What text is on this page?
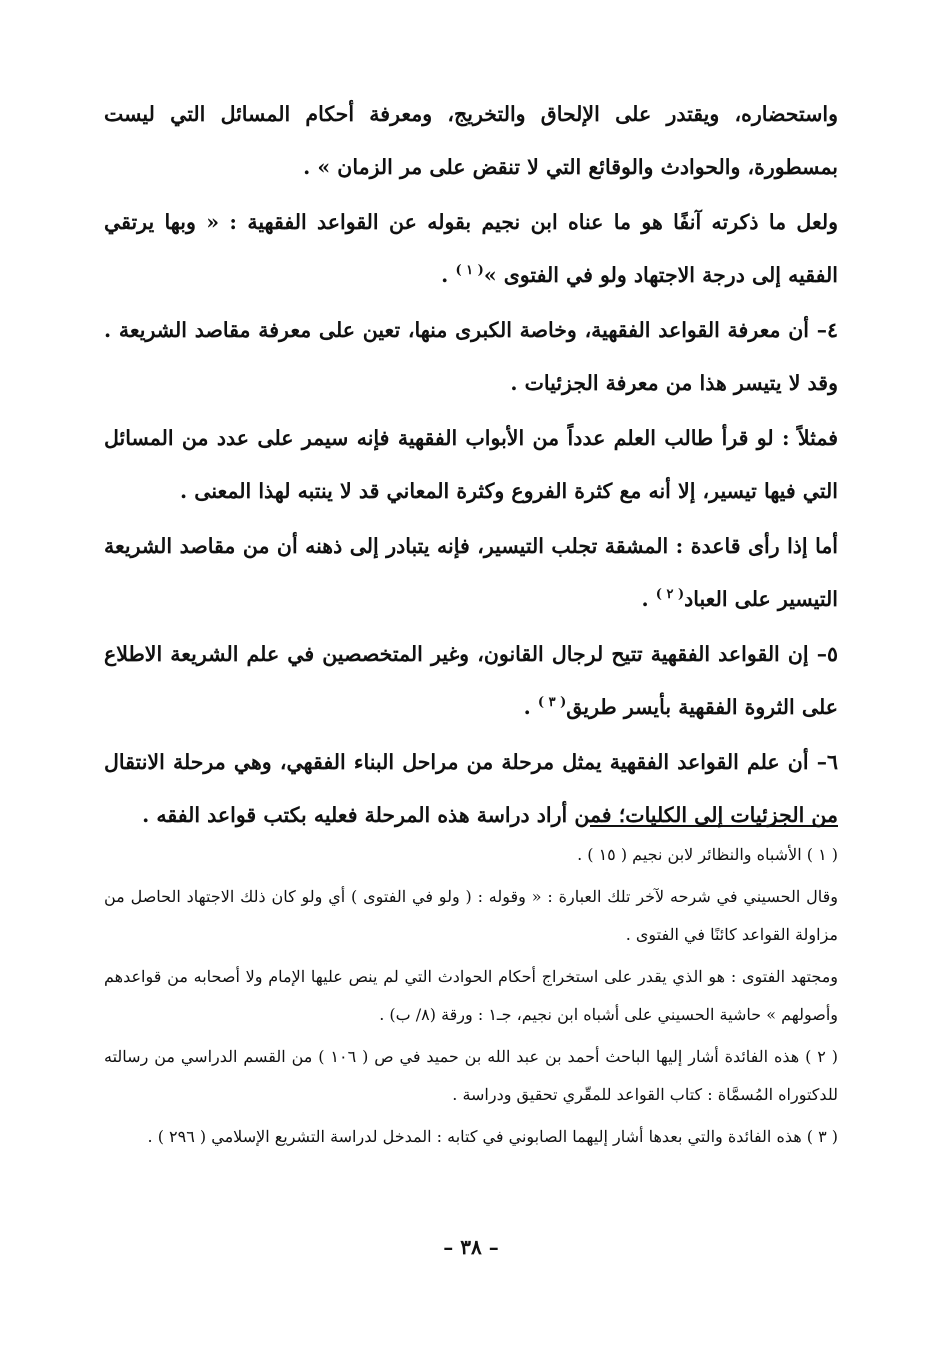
واستحضاره، ويقتدر على الإلحاق والتخريج، ومعرفة أحكام المسائل التي ليست بمسطورة، والحوادث والوقائع التي لا تنقض على مر الزمان » .

ولعل ما ذكرته آنفًا هو ما عناه ابن نجيم بقوله عن القواعد الفقهية : « وبها يرتقي الفقيه إلى درجة الاجتهاد ولو في الفتوى »$^{( ١ )}$ .

٤– أن معرفة القواعد الفقهية، وخاصة الكبرى منها، تعين على معرفة مقاصد الشريعة . وقد لا يتيسر هذا من معرفة الجزئيات .

فمثلاً : لو قرأ طالب العلم عدداً من الأبواب الفقهية فإنه سيمر على عدد من المسائل التي فيها تيسير، إلا أنه مع كثرة الفروع وكثرة المعاني قد لا ينتبه لهذا المعنى .

أما إذا رأى قاعدة : المشقة تجلب التيسير، فإنه يتبادر إلى ذهنه أن من مقاصد الشريعة التيسير على العباد$^{( ٢ )}$ .

٥– إن القواعد الفقهية تتيح لرجال القانون، وغير المتخصصين في علم الشريعة الاطلاع على الثروة الفقهية بأيسر طريق$^{( ٣ )}$ .

٦– أن علم القواعد الفقهية يمثل مرحلة من مراحل البناء الفقهي، وهي مرحلة الانتقال من الجزئيات إلى الكليات؛ فمن أراد دراسة هذه المرحلة فعليه بكتب قواعد الفقه .

( ١ ) الأشباه والنظائر لابن نجيم ( ١٥ ) .

وقال الحسيني في شرحه لآخر تلك العبارة : « وقوله : ( ولو في الفتوى ) أي ولو كان ذلك الاجتهاد الحاصل من مزاولة القواعد كائنًا في الفتوى .

ومجتهد الفتوى : هو الذي يقدر على استخراج أحكام الحوادث التي لم ينص عليها الإمام ولا أصحابه من قواعدهم وأصولهم » حاشية الحسيني على أشباه ابن نجيم، جـ١ : ورقة (٨/ ب) .

( ٢ ) هذه الفائدة أشار إليها الباحث أحمد بن عبد الله بن حميد في ص ( ١٠٦ ) من القسم الدراسي من رسالته للدكتوراه المُسمَّاة : كتاب القواعد للمقّري تحقيق ودراسة .

( ٣ ) هذه الفائدة والتي بعدها أشار إليهما الصابوني في كتابه : المدخل لدراسة التشريع الإسلامي ( ٢٩٦ ) .

– ٣٨ –
